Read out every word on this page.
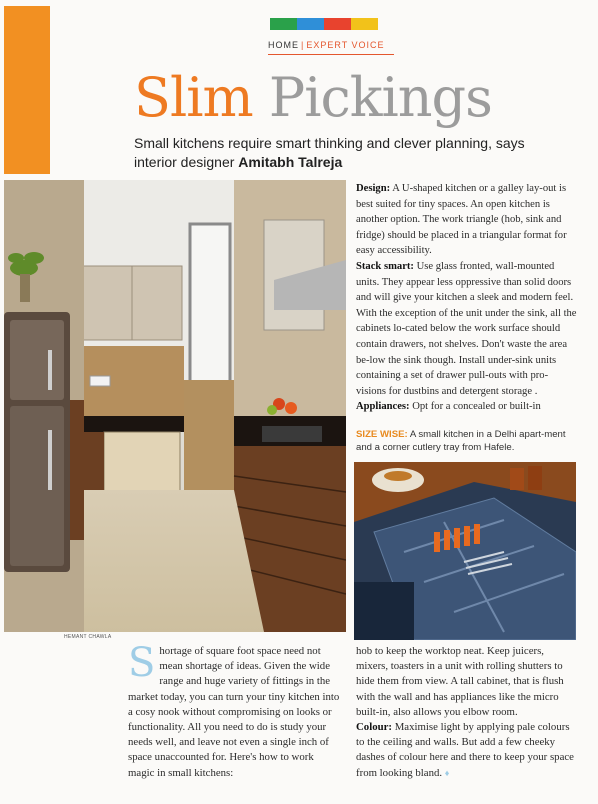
HOME | EXPERT VOICE
Slim Pickings
Small kitchens require smart thinking and clever planning, says interior designer Amitabh Talreja
HEMANT CHAWLA

Design: A U-shaped kitchen or a galley lay-out is best suited for tiny spaces. An open kitchen is another option. The work triangle (hob, sink and fridge) should be placed in a triangular format for easy accessibility.

Stack smart: Use glass fronted, wall-mounted units. They appear less oppressive than solid doors and will give your kitchen a sleek and modern feel. With the exception of the unit under the sink, all the cabinets lo-cated below the work surface should contain drawers, not shelves. Don't waste the area be-low the sink though. Install under-sink units containing a set of drawer pull-outs with pro-visions for dustbins and detergent storage .

Appliances: Opt for a concealed or built-in

SIZE WISE: A small kitchen in a Delhi apart-ment and a corner cutlery tray from Hafele.

S hortage of square foot space need not mean shortage of ideas. Given the wide range and huge variety of fittings in the market today, you can turn your tiny kitchen into a cosy nook without compromising on looks or functionality. All you need to do is study your needs well, and leave not even a single inch of space unaccounted for. Here's how to work magic in small kitchens:

hob to keep the worktop neat. Keep juicers, mixers, toasters in a unit with rolling shutters to hide them from view. A tall cabinet, that is flush with the wall and has appliances like the micro built-in, also allows you elbow room.

Colour: Maximise light by applying pale colours to the ceiling and walls. But add a few cheeky dashes of colour here and there to keep your space from looking bland. ♦
